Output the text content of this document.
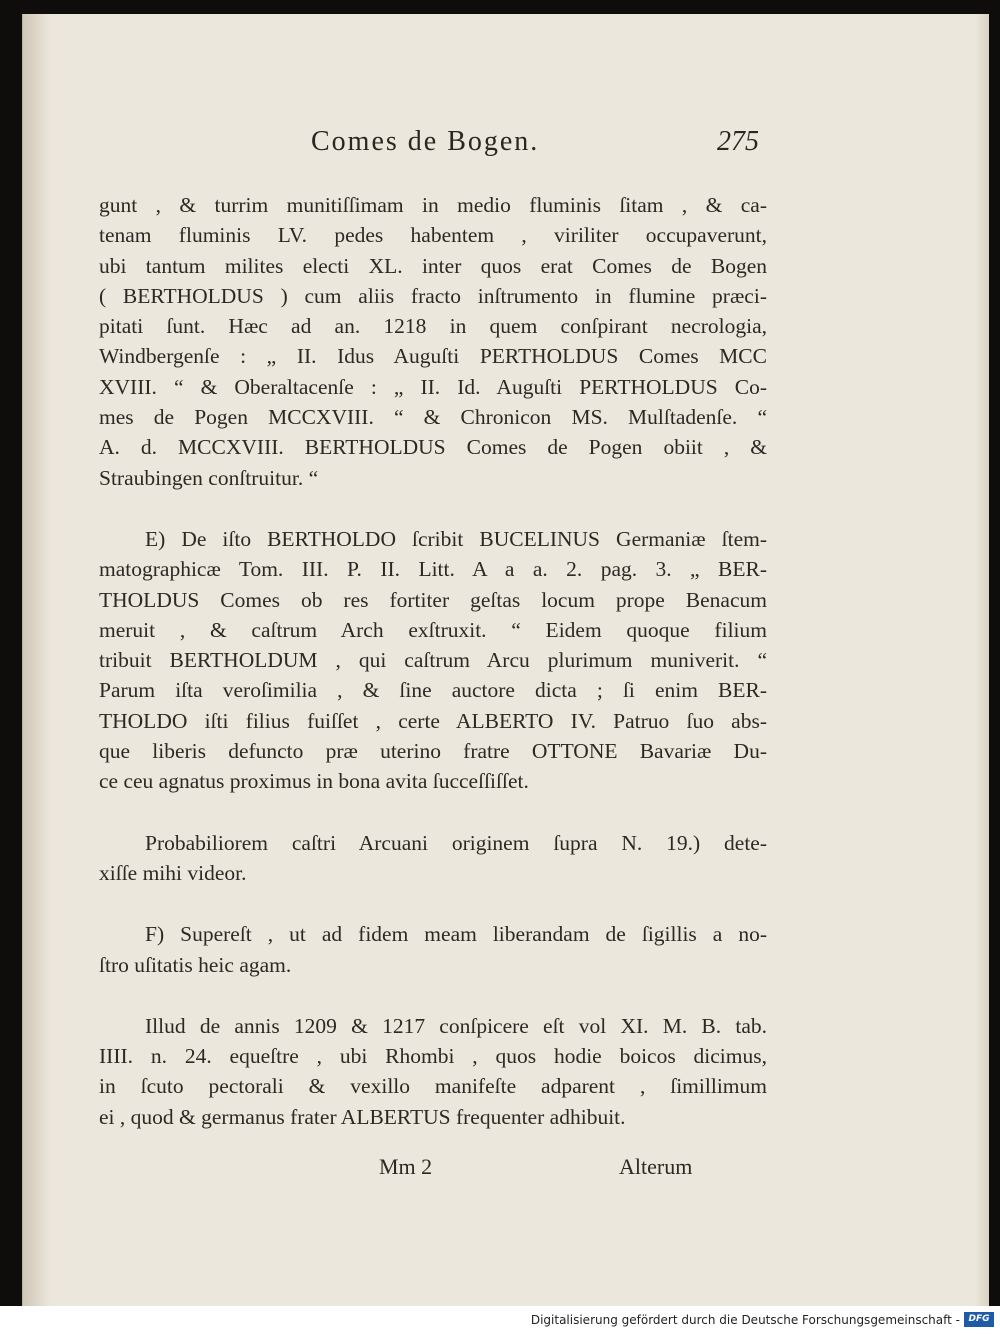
Comes de Bogen.	275
gunt , & turrim munitiſſimam in medio fluminis ſitam , & ca-
tenam fluminis LV. pedes habentem , viriliter occupaverunt,
ubi tantum milites electi XL. inter quos erat Comes de Bogen
( BERTHOLDUS ) cum aliis fracto inſtrumento in flumine præci-
pitati ſunt. Hæc ad an. 1218 in quem conſpirant necrologia,
Windbergenſe : „ II. Idus Auguſti PERTHOLDUS Comes MCC
XVIII. “ & Oberaltacenſe : „ II. Id. Auguſti PERTHOLDUS Co-
mes de Pogen MCCXVIII. “ & Chronicon MS. Mulſtadenſe. “
A. d. MCCXVIII. BERTHOLDUS Comes de Pogen obiit , &
Straubingen conſtruitur. “
E) De iſto BERTHOLDO ſcribit BUCELINUS Germaniæ ſtem-
matographicæ Tom. III. P. II. Litt. A a a. 2. pag. 3. „ BER-
THOLDUS Comes ob res fortiter geſtas locum prope Benacum
meruit , & caſtrum Arch exſtruxit. “ Eidem quoque filium
tribuit BERTHOLDUM , qui caſtrum Arcu plurimum muniverit. “
Parum iſta veroſimilia , & ſine auctore dicta ; ſi enim BER-
THOLDO iſti filius fuiſſet , certe ALBERTO IV. Patruo ſuo abs-
que liberis defuncto præ uterino fratre OTTONE Bavariæ Du-
ce ceu agnatus proximus in bona avita ſucceſſiſſet.
Probabiliorem caſtri Arcuani originem ſupra N. 19.) dete-
xiſſe mihi videor.
F) Supereſt , ut ad fidem meam liberandam de ſigillis a no-
ſtro uſitatis heic agam.
Illud de annis 1209 & 1217 conſpicere eſt vol XI. M. B. tab.
IIII. n. 24. equeſtre , ubi Rhombi , quos hodie boicos dicimus,
in ſcuto pectorali & vexillo manifeſte adparent , ſimillimum
ei , quod & germanus frater ALBERTUS frequenter adhibuit.
Mm 2	Alterum
Digitalisierung gefördert durch die Deutsche Forschungsgemeinschaft - DFG
